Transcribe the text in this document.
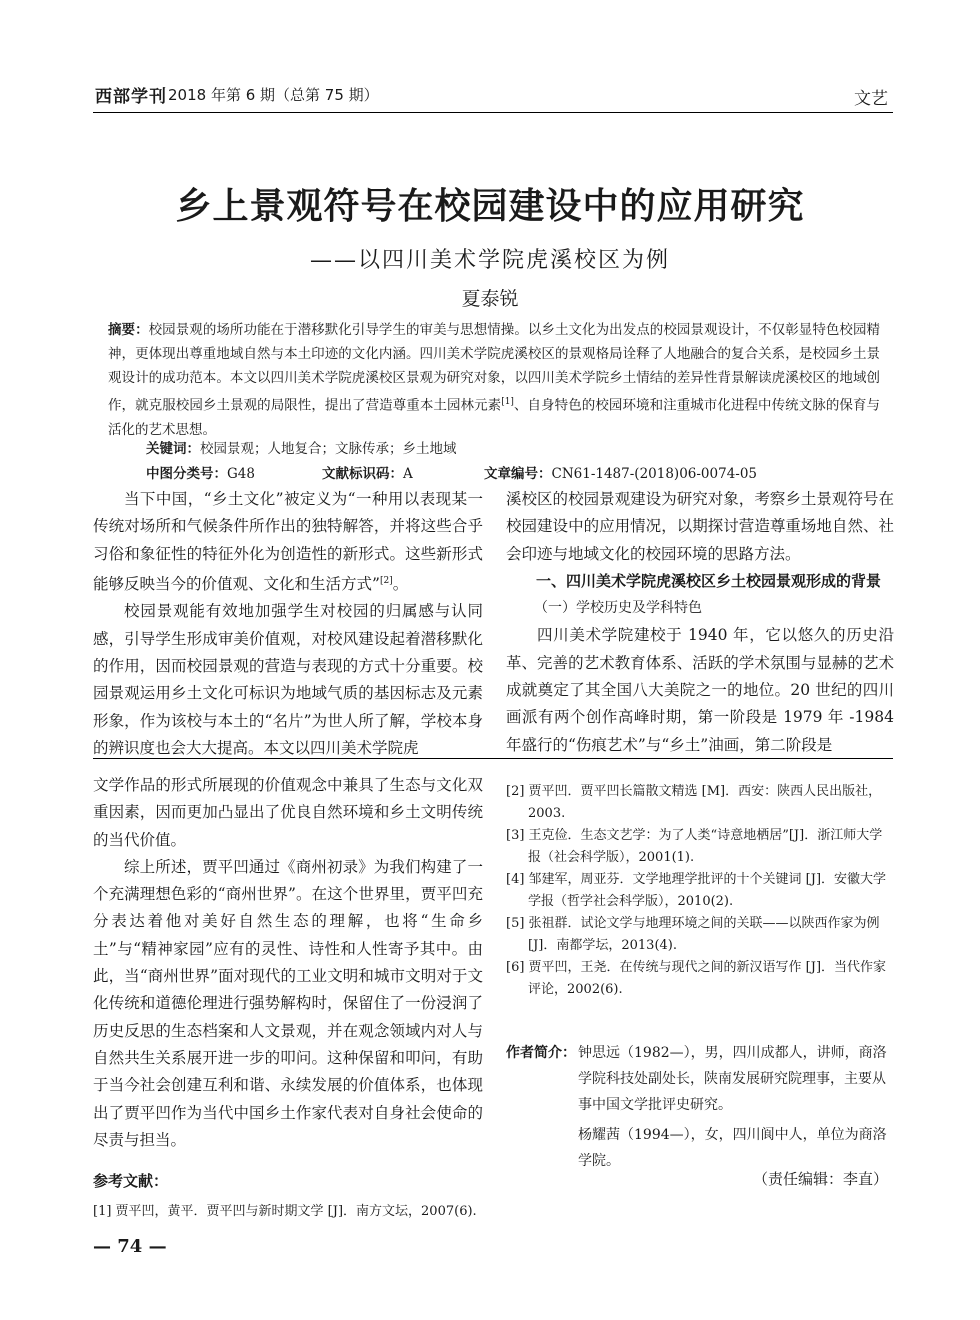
西部学刊 2018 年第 6 期（总第 75 期）	文艺
乡上景观符号在校园建设中的应用研究
——以四川美术学院虎溪校区为例
夏泰锐
摘要：校园景观的场所功能在于潜移默化引导学生的审美与思想情操。以乡土文化为出发点的校园景观设计，不仅彰显特色校园精神，更体现出尊重地域自然与本土印迹的文化内涵。四川美术学院虎溪校区的景观格局诠释了人地融合的复合关系，是校园乡土景观设计的成功范本。本文以四川美术学院虎溪校区景观为研究对象，以四川美术学院乡土情结的差异性背景解读虎溪校区的地域创作，就克服校园乡土景观的局限性，提出了营造尊重本土园林元素[1]、自身特色的校园环境和注重城市化进程中传统文脉的保育与活化的艺术思想。
关键词：校园景观；人地复合；文脉传承；乡土地域
中图分类号：G48	文献标识码：A	文章编号：CN61-1487-(2018)06-0074-05

当下中国，“乡土文化”被定义为“一种用以表现某一传统对场所和气候条件所作出的独特解答，并将这些合乎习俗和象征性的特征外化为创造性的新形式。这些新形式能够反映当今的价值观、文化和生活方式”[2]。

校园景观能有效地加强学生对校园的归属感与认同感，引导学生形成审美价值观，对校风建设起着潜移默化的作用，因而校园景观的营造与表现的方式十分重要。校园景观运用乡土文化可标识为地域气质的基因标志及元素形象，作为该校与本土的“名片”为世人所了解，学校本身的辨识度也会大大提高。本文以四川美术学院虎

溪校区的校园景观建设为研究对象，考察乡土景观符号在校园建设中的应用情况，以期探讨营造尊重场地自然、社会印迹与地域文化的校园环境的思路方法。

一、四川美术学院虎溪校区乡土校园景观形成的背景

（一）学校历史及学科特色

四川美术学院建校于 1940 年，它以悠久的历史沿革、完善的艺术教育体系、活跃的学术氛围与显赫的艺术成就奠定了其全国八大美院之一的地位。20 世纪的四川画派有两个创作高峰时期，第一阶段是 1979 年 -1984 年盛行的“伤痕艺术”与“乡土”油画，第二阶段是

文学作品的形式所展现的价值观念中兼具了生态与文化双重因素，因而更加凸显出了优良自然环境和乡土文明传统的当代价值。

综上所述，贾平凹通过《商州初录》为我们构建了一个充满理想色彩的“商州世界”。在这个世界里，贾平凹充分表达着他对美好自然生态的理解，也将“生命乡土”与“精神家园”应有的灵性、诗性和人性寄予其中。由此，当“商州世界”面对现代的工业文明和城市文明对于文化传统和道德伦理进行强势解构时，保留住了一份浸润了历史反思的生态档案和人文景观，并在观念领域内对人与自然共生关系展开进一步的叩问。这种保留和叩问，有助于当今社会创建互利和谐、永续发展的价值体系，也体现出了贾平凹作为当代中国乡土作家代表对自身社会使命的尽责与担当。

参考文献：
[1] 贾平凹，黄平．贾平凹与新时期文学 [J]．南方文坛，2007(6).

[2] 贾平凹．贾平凹长篇散文精选 [M]．西安：陕西人民出版社，2003.

[3] 王克俭．生态文艺学：为了人类“诗意地栖居”[J]．浙江师大学报（社会科学版），2001(1).

[4] 邹建军，周亚芬．文学地理学批评的十个关键词 [J]．安徽大学学报（哲学社会科学版），2010(2).

[5] 张祖群．试论文学与地理环境之间的关联——以陕西作家为例 [J]．南都学坛，2013(4).

[6] 贾平凹，王尧．在传统与现代之间的新汉语写作 [J]．当代作家评论，2002(6).

作者简介： 钟思远（1982—），男，四川成都人，讲师，商洛学院科技处副处长，陕南发展研究院理事，主要从事中国文学批评史研究。
杨耀茜（1994—），女，四川阆中人，单位为商洛学院。
（责任编辑：李直）
— 74 —
